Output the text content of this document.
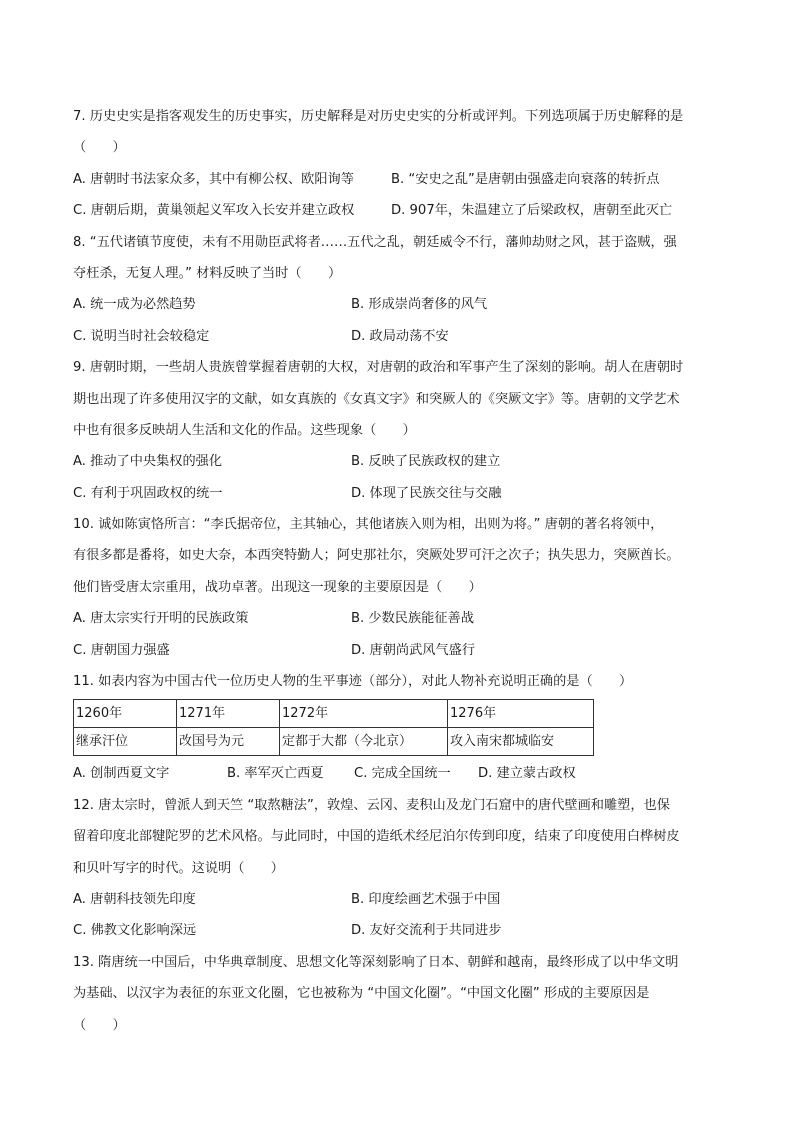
7. 历史史实是指客观发生的历史事实，历史解释是对历史史实的分析或评判。下列选项属于历史解释的是
（　　）
A. 唐朝时书法家众多，其中有柳公权、欧阳询等	B. “安史之乱”是唐朝由强盛走向衰落的转折点
C. 唐朝后期，黄巢领起义军攻入长安并建立政权	D. 907年，朱温建立了后梁政权，唐朝至此灭亡
8. “五代诸镇节度使，未有不用勋臣武将者……五代之乱，朝廷威令不行，藩帅劫财之风，甚于盗贼，强
夺枉杀，无复人理。” 材料反映了当时（　　）
A. 统一成为必然趋势	B. 形成崇尚奢侈的风气
C. 说明当时社会较稳定	D. 政局动荡不安
9. 唐朝时期，一些胡人贵族曾掌握着唐朝的大权，对唐朝的政治和军事产生了深刻的影响。胡人在唐朝时
期也出现了许多使用汉字的文献，如女真族的《女真文字》和突厥人的《突厥文字》等。唐朝的文学艺术
中也有很多反映胡人生活和文化的作品。这些现象（　　）
A. 推动了中央集权的强化	B. 反映了民族政权的建立
C. 有利于巩固政权的统一	D. 体现了民族交往与交融
10. 诚如陈寅恪所言：“李氏据帝位，主其轴心，其他诸族入则为相，出则为将。” 唐朝的著名将领中，
有很多都是番将，如史大奈，本西突特勤人；阿史那社尔，突厥处罗可汗之次子；执失思力，突厥酋长。
他们皆受唐太宗重用，战功卓著。出现这一现象的主要原因是（　　）
A. 唐太宗实行开明的民族政策	B. 少数民族能征善战
C. 唐朝国力强盛	D. 唐朝尚武风气盛行
11. 如表内容为中国古代一位历史人物的生平事迹（部分），对此人物补充说明正确的是（　　）
1260年	1271年	1272年	1276年
继承汗位	改国号为元	定都于大都（今北京）	攻入南宋都城临安
A. 创制西夏文字	B. 率军灭亡西夏	C. 完成全国统一	D. 建立蒙古政权
12. 唐太宗时，曾派人到天竺 “取熬糖法”，敦煌、云冈、麦积山及龙门石窟中的唐代壁画和雕塑，也保
留着印度北部犍陀罗的艺术风格。与此同时，中国的造纸术经尼泊尔传到印度，结束了印度使用白桦树皮
和贝叶写字的时代。这说明（　　）
A. 唐朝科技领先印度	B. 印度绘画艺术强于中国
C. 佛教文化影响深远	D. 友好交流利于共同进步
13. 隋唐统一中国后，中华典章制度、思想文化等深刻影响了日本、朝鲜和越南，最终形成了以中华文明
为基础、以汉字为表征的东亚文化圈，它也被称为 “中国文化圈”。“中国文化圈” 形成的主要原因是
（　　）
